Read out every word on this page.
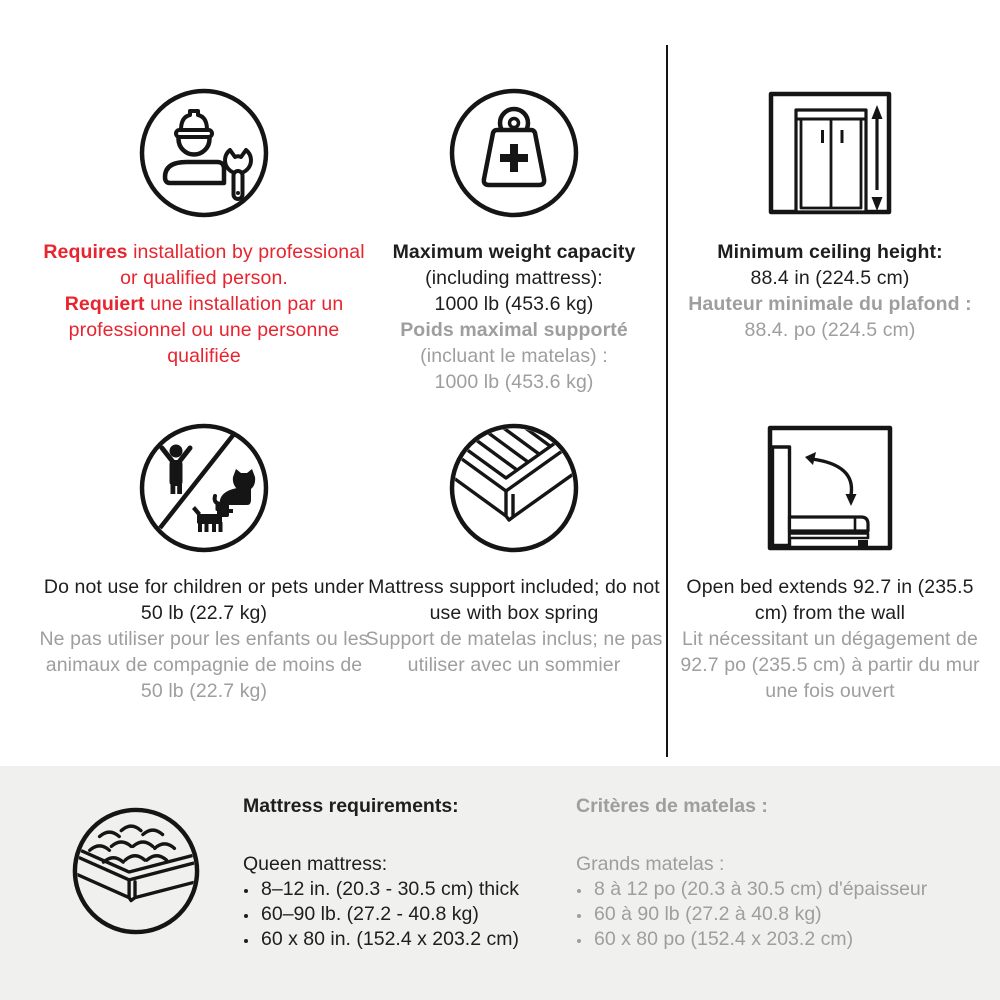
Requires installation by professional or qualified person.
Requiert une installation par un professionnel ou une personne qualifiée
Maximum weight capacity
(including mattress):
1000 lb (453.6 kg)
Poids maximal supporté
(incluant le matelas) :
1000 lb (453.6 kg)
Minimum ceiling height:
88.4 in (224.5 cm)
Hauteur minimale du plafond :
88.4. po (224.5 cm)
Do not use for children or pets under 50 lb (22.7 kg)
Ne pas utiliser pour les enfants ou les animaux de compagnie de moins de 50 lb (22.7 kg)
Mattress support included; do not use with box spring
Support de matelas inclus; ne pas utiliser avec un sommier
Open bed extends 92.7 in (235.5 cm) from the wall
Lit nécessitant un dégagement de 92.7 po (235.5 cm) à partir du mur une fois ouvert
Mattress requirements:
Queen mattress:
• 8–12 in. (20.3 - 30.5 cm) thick
• 60–90 lb. (27.2 - 40.8 kg)
• 60 x 80 in. (152.4 x 203.2 cm)
Critères de matelas :
Grands matelas :
• 8 à 12 po (20.3 à 30.5 cm) d'épaisseur
• 60 à 90 lb (27.2 à 40.8 kg)
• 60 x 80 po (152.4 x 203.2 cm)
